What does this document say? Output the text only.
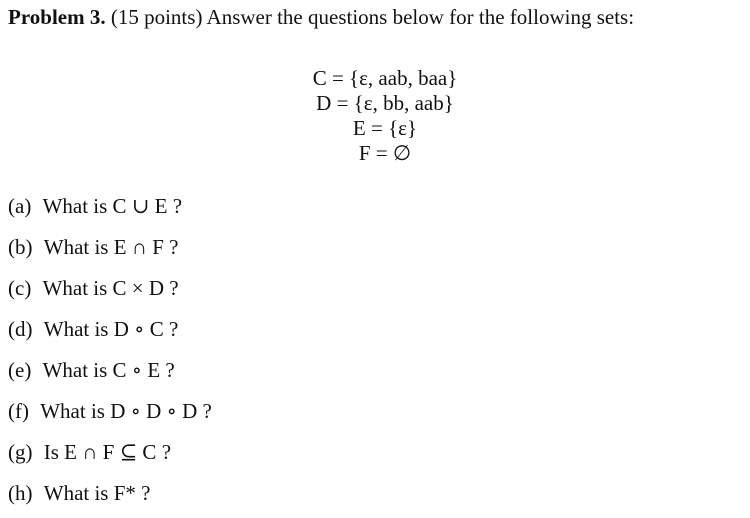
Problem 3. (15 points) Answer the questions below for the following sets:
C = {ε, aab, baa}
D = {ε, bb, aab}
E = {ε}
F = ∅
(a) What is C ∪ E ?
(b) What is E ∩ F ?
(c) What is C × D ?
(d) What is D ∘ C ?
(e) What is C ∘ E ?
(f) What is D ∘ D ∘ D ?
(g) Is E ∩ F ⊆ C ?
(h) What is F* ?
